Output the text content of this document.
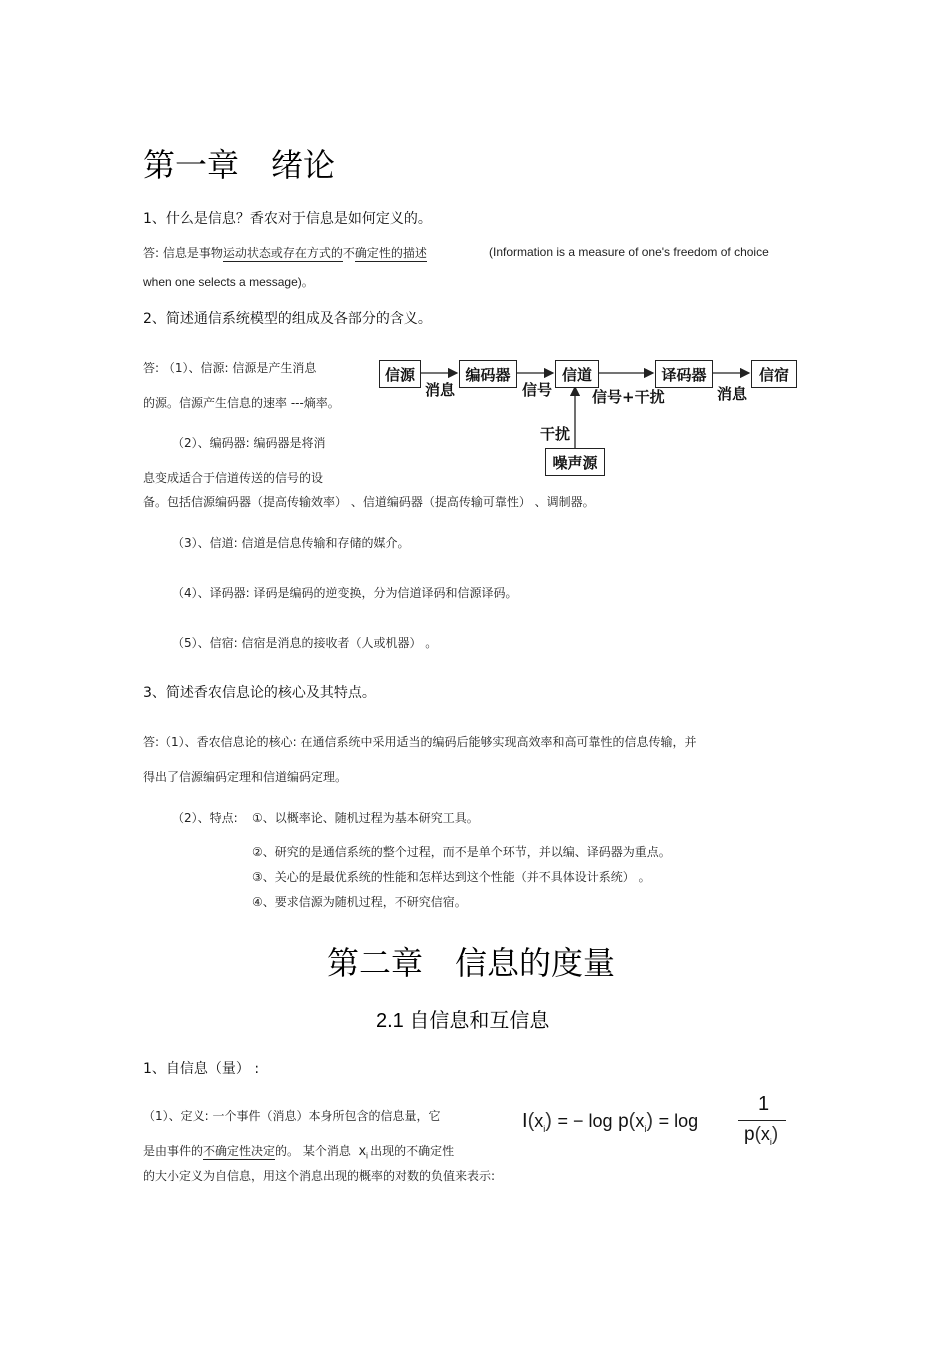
第一章　绪论
1、什么是信息？香农对于信息是如何定义的。
答: 信息是事物运动状态或存在方式的不确定性的描述	(Information is a measure of one's freedom of choice
when one selects a message)。
2、简述通信系统模型的组成及各部分的含义。
答: （1）、信源: 信源是产生消息
的源。信源产生信息的速率 ---熵率。
（2）、编码器: 编码器是将消
息变成适合于信道传送的信号的设
备。包括信源编码器（提高传输效率） 、信道编码器（提高传输可靠性） 、调制器。
（3）、信道: 信道是信息传输和存储的媒介。
（4）、译码器: 译码是编码的逆变换，分为信道译码和信源译码。
（5）、信宿: 信宿是消息的接收者（人或机器） 。
信源	编码器	信道	译码器	信宿
噪声源
消息	信号	信号+干扰	消息
干扰
3、简述香农信息论的核心及其特点。
答:（1）、香农信息论的核心: 在通信系统中采用适当的编码后能够实现高效率和高可靠性的信息传输，并
得出了信源编码定理和信道编码定理。
（2）、特点: ①、以概率论、随机过程为基本研究工具。
②、研究的是通信系统的整个过程，而不是单个环节，并以编、译码器为重点。
③、关心的是最优系统的性能和怎样达到这个性能（并不具体设计系统） 。
④、要求信源为随机过程，不研究信宿。
第二章　信息的度量
2.1 自信息和互信息
1、自信息（量） :
（1）、定义: 一个事件（消息）本身所包含的信息量，它
是由事件的不确定性决定的。 某个消息 $x_i$ 出现的不确定性
的大小定义为自信息，用这个消息出现的概率的对数的负值来表示:
$I(x_i)$ = − $\log p(x_i) = \log$
1
$p(x_i)$
